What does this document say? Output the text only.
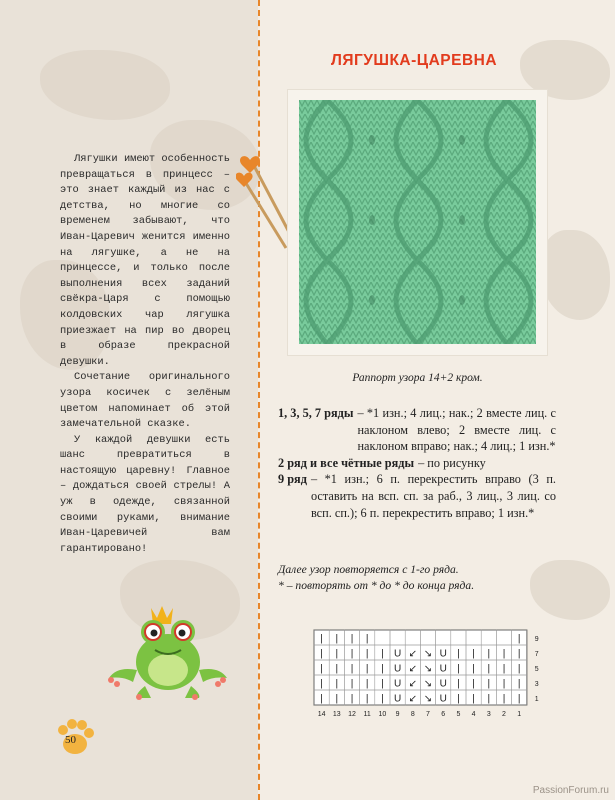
Лягушки имеют особенность превращаться в принцесс – это знает каждый из нас с детства, но многие со временем забывают, что Иван-Царевич женится именно на лягушке, а не на принцессе, и только после выполнения всех заданий свёкра-Царя с помощью колдовских чар лягушка приезжает на пир во дворец в образе прекрасной девушки.

Сочетание оригинального узора косичек с зелёным цветом напоминает об этой замечательной сказке.

У каждой девушки есть шанс превратиться в настоящую царевну! Главное – дождаться своей стрелы! А уж в одежде, связанной своими руками, внимание Иван-Царевичей вам гарантировано!

ЛЯГУШКА-ЦАРЕВНА
Раппорт узора 14+2 кром.
1, 3, 5, 7 ряды – *1 изн.; 4 лиц.; нак.; 2 вместе лиц. с наклоном влево; 2 вместе лиц. с наклоном вправо; нак.; 4 лиц.; 1 изн.*
2 ряд и все чётные ряды – по рисунку
9 ряд – *1 изн.; 6 п. перекрестить вправо (3 п. оставить на всп. сп. за раб., 3 лиц., 3 лиц. со всп. сп.); 6 п. перекрестить вправо; 1 изн.*

Далее узор повторяется с 1-го ряда.

* – повторять от * до * до конца ряда.

| | | |	| 9
| | | | | U ↙ ↘ U | | | | | 7
| | | | | U ↙ ↘ U | | | | | 5
| | | | | U ↙ ↘ U | | | | | 3
| | | | | U ↙ ↘ U | | | | | 1
14 13 12 11 10 9 8 7 6 5 4 3 2 1
50
PassionForum.ru
